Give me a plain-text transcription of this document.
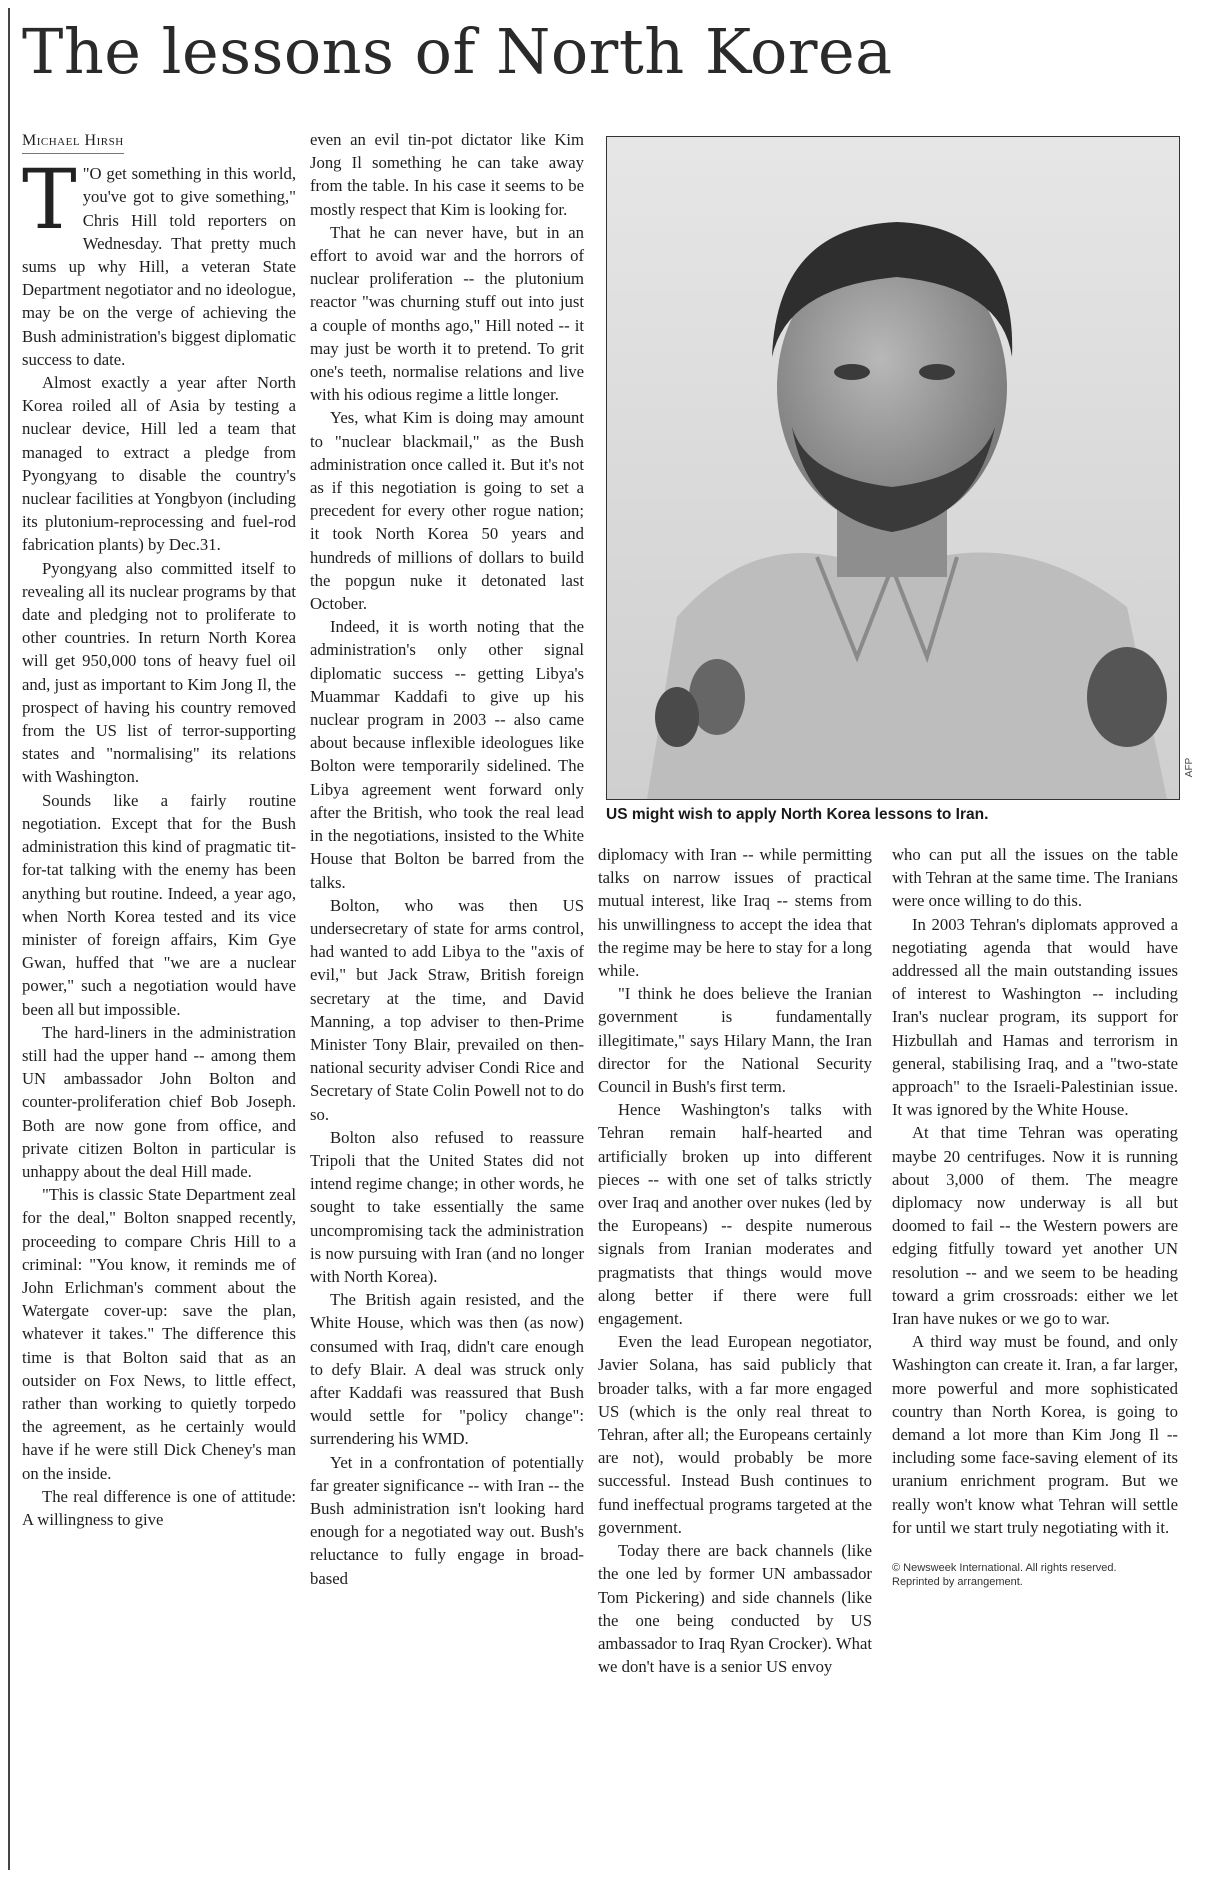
The lessons of North Korea
Michael Hirsh

"
T O get something in this world, you've got to give something," Chris Hill told reporters on Wednesday. That pretty much sums up why Hill, a veteran State Department negotiator and no ideologue, may be on the verge of achieving the Bush administration's biggest diplomatic success to date.

Almost exactly a year after North Korea roiled all of Asia by testing a nuclear device, Hill led a team that managed to extract a pledge from Pyongyang to disable the country's nuclear facilities at Yongbyon (including its plutonium-reprocessing and fuel-rod fabrication plants) by Dec.31.

Pyongyang also committed itself to revealing all its nuclear programs by that date and pledging not to proliferate to other countries. In return North Korea will get 950,000 tons of heavy fuel oil and, just as important to Kim Jong Il, the prospect of having his country removed from the US list of terror-supporting states and "normalising" its relations with Washington.

Sounds like a fairly routine negotiation. Except that for the Bush administration this kind of pragmatic tit-for-tat talking with the enemy has been anything but routine. Indeed, a year ago, when North Korea tested and its vice minister of foreign affairs, Kim Gye Gwan, huffed that "we are a nuclear power," such a negotiation would have been all but impossible.

The hard-liners in the administration still had the upper hand -- among them UN ambassador John Bolton and counter-proliferation chief Bob Joseph. Both are now gone from office, and private citizen Bolton in particular is unhappy about the deal Hill made.

"This is classic State Department zeal for the deal," Bolton snapped recently, proceeding to compare Chris Hill to a criminal: "You know, it reminds me of John Erlichman's comment about the Watergate cover-up: save the plan, whatever it takes." The difference this time is that Bolton said that as an outsider on Fox News, to little effect, rather than working to quietly torpedo the agreement, as he certainly would have if he were still Dick Cheney's man on the inside.

The real difference is one of attitude: A willingness to give

even an evil tin-pot dictator like Kim Jong Il something he can take away from the table. In his case it seems to be mostly respect that Kim is looking for.

That he can never have, but in an effort to avoid war and the horrors of nuclear proliferation -- the plutonium reactor "was churning stuff out into just a couple of months ago," Hill noted -- it may just be worth it to pretend. To grit one's teeth, normalise relations and live with his odious regime a little longer.

Yes, what Kim is doing may amount to "nuclear blackmail," as the Bush administration once called it. But it's not as if this negotiation is going to set a precedent for every other rogue nation; it took North Korea 50 years and hundreds of millions of dollars to build the popgun nuke it detonated last October.

Indeed, it is worth noting that the administration's only other signal diplomatic success -- getting Libya's Muammar Kaddafi to give up his nuclear program in 2003 -- also came about because inflexible ideologues like Bolton were temporarily sidelined. The Libya agreement went forward only after the British, who took the real lead in the negotiations, insisted to the White House that Bolton be barred from the talks.

Bolton, who was then US undersecretary of state for arms control, had wanted to add Libya to the "axis of evil," but Jack Straw, British foreign secretary at the time, and David Manning, a top adviser to then-Prime Minister Tony Blair, prevailed on then-national security adviser Condi Rice and Secretary of State Colin Powell not to do so.

Bolton also refused to reassure Tripoli that the United States did not intend regime change; in other words, he sought to take essentially the same uncompromising tack the administration is now pursuing with Iran (and no longer with North Korea).

The British again resisted, and the White House, which was then (as now) consumed with Iraq, didn't care enough to defy Blair. A deal was struck only after Kaddafi was reassured that Bush would settle for "policy change": surrendering his WMD.

Yet in a confrontation of potentially far greater significance -- with Iran -- the Bush administration isn't looking hard enough for a negotiated way out. Bush's reluctance to fully engage in broad-based

AFP

US might wish to apply North Korea lessons to Iran.

diplomacy with Iran -- while permitting talks on narrow issues of practical mutual interest, like Iraq -- stems from his unwillingness to accept the idea that the regime may be here to stay for a long while.

"I think he does believe the Iranian government is fundamentally illegitimate," says Hilary Mann, the Iran director for the National Security Council in Bush's first term.

Hence Washington's talks with Tehran remain half-hearted and artificially broken up into different pieces -- with one set of talks strictly over Iraq and another over nukes (led by the Europeans) -- despite numerous signals from Iranian moderates and pragmatists that things would move along better if there were full engagement.

Even the lead European negotiator, Javier Solana, has said publicly that broader talks, with a far more engaged US (which is the only real threat to Tehran, after all; the Europeans certainly are not), would probably be more successful. Instead Bush continues to fund ineffectual programs targeted at the government.

Today there are back channels (like the one led by former UN ambassador Tom Pickering) and side channels (like the one being conducted by US ambassador to Iraq Ryan Crocker). What we don't have is a senior US envoy

who can put all the issues on the table with Tehran at the same time. The Iranians were once willing to do this.

In 2003 Tehran's diplomats approved a negotiating agenda that would have addressed all the main outstanding issues of interest to Washington -- including Iran's nuclear program, its support for Hizbullah and Hamas and terrorism in general, stabilising Iraq, and a "two-state approach" to the Israeli-Palestinian issue. It was ignored by the White House.

At that time Tehran was operating maybe 20 centrifuges. Now it is running about 3,000 of them. The meagre diplomacy now underway is all but doomed to fail -- the Western powers are edging fitfully toward yet another UN resolution -- and we seem to be heading toward a grim crossroads: either we let Iran have nukes or we go to war.

A third way must be found, and only Washington can create it. Iran, a far larger, more powerful and more sophisticated country than North Korea, is going to demand a lot more than Kim Jong Il -- including some face-saving element of its uranium enrichment program. But we really won't know what Tehran will settle for until we start truly negotiating with it.

© Newsweek International. All rights reserved.
Reprinted by arrangement.
